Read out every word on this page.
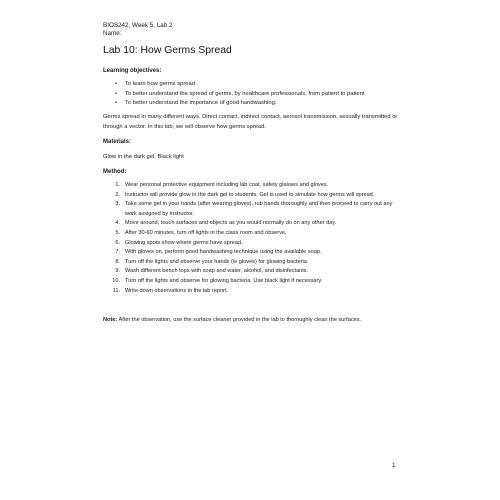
BIOS242, Week 5, Lab 2
Name:
Lab 10: How Germs Spread
Learning objectives:
• To learn how germs spread
• To better understand the spread of germs, by healthcare professionals, from patient to patient
• To better understand the importance of good handwashing.
Germs spread in many different ways. Direct contact, indirect contact, aerosol transmission, sexually transmitted or through a vector. In this lab, we will observe how germs spread.
Materials:
Glow in the dark gel, Black light
Method:
1. Wear personal protective equipment including lab coat, safety glasses and gloves.
2. Instructor will provide glow in the dark gel to students. Gel is used to simulate how germs will spread.
3. Take some gel in your hands (after wearing gloves), rub hands thoroughly and then proceed to carry out any work assigned by instructor.
4. Move around, touch surfaces and objects as you would normally do on any other day.
5. After 30-60 minutes, turn off lights in the class room and observe.
6. Glowing spots show where germs have spread.
7. With gloves on, perform good handwashing technique using the available soap.
8. Turn off the lights and observe your hands (ie gloves) for glowing bacteria.
9. Wash different bench tops with soap and water, alcohol, and disinfectants.
10. Turn off the lights and observe for glowing bacteria. Use black light if necessary.
11. Write down observations in the lab report.
Note: After the observation, use the surface cleaner provided in the lab to thoroughly clean the surfaces.
1
